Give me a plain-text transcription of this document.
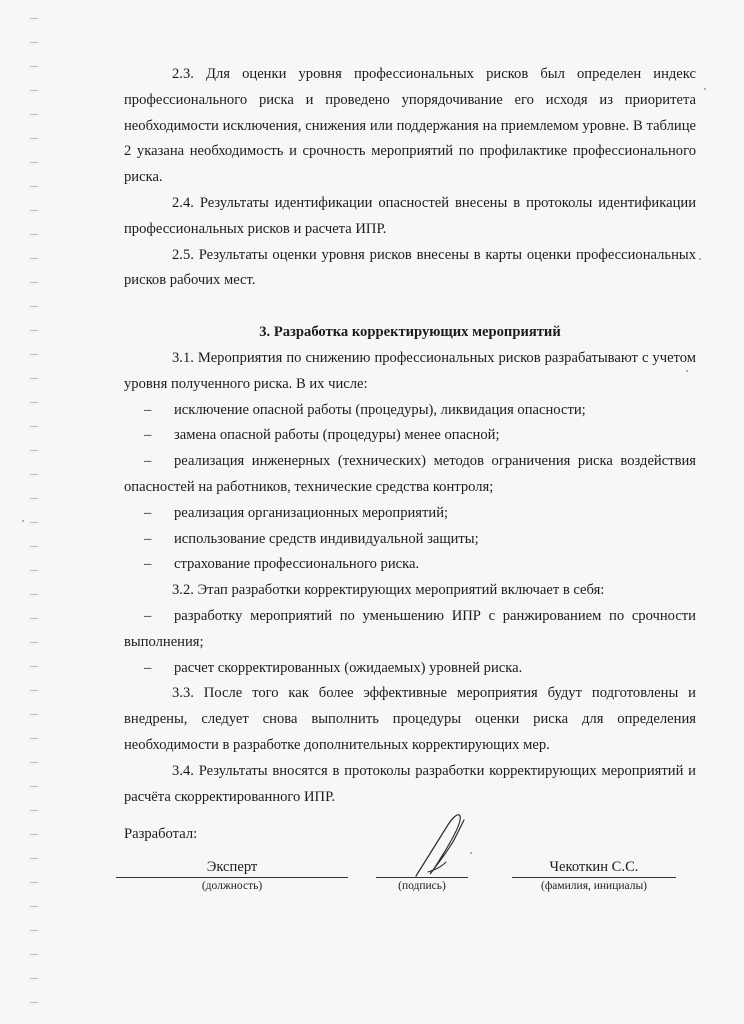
2.3. Для оценки уровня профессиональных рисков был определен индекс профессионального риска и проведено упорядочивание его исходя из приоритета необходимости исключения, снижения или поддержания на приемлемом уровне. В таблице 2 указана необходимость и срочность мероприятий по профилактике профессионального риска.

2.4. Результаты идентификации опасностей внесены в протоколы идентификации профессиональных рисков и расчета ИПР.

2.5. Результаты оценки уровня рисков внесены в карты оценки профессиональных рисков рабочих мест.

3. Разработка корректирующих мероприятий

3.1. Мероприятия по снижению профессиональных рисков разрабатывают с учетом уровня полученного риска. В их числе:

– исключение опасной работы (процедуры), ликвидация опасности;

– замена опасной работы (процедуры) менее опасной;

– реализация инженерных (технических) методов ограничения риска воздействия опасностей на работников, технические средства контроля;

– реализация организационных мероприятий;

– использование средств индивидуальной защиты;

– страхование профессионального риска.

3.2. Этап разработки корректирующих мероприятий включает в себя:

– разработку мероприятий по уменьшению ИПР с ранжированием по срочности выполнения;

– расчет скорректированных (ожидаемых) уровней риска.

3.3. После того как более эффективные мероприятия будут подготовлены и внедрены, следует снова выполнить процедуры оценки риска для определения необходимости в разработке дополнительных корректирующих мер.

3.4. Результаты вносятся в протоколы разработки корректирующих мероприятий и расчёта скорректированного ИПР.

Разработал:
Эксперт
(должность)	(подпись)
Чекоткин С.С.
(фамилия, инициалы)
